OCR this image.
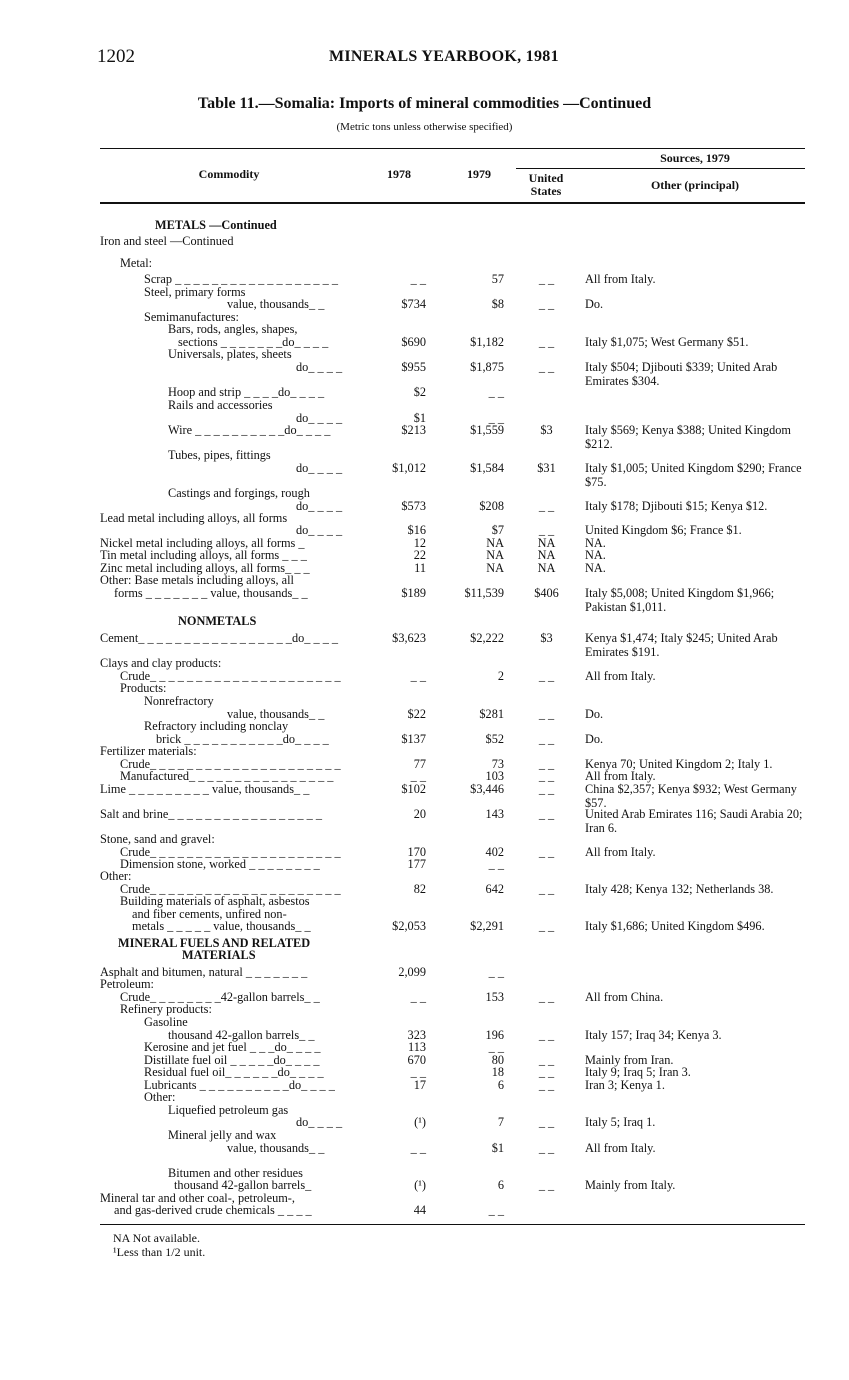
1202	MINERALS YEARBOOK, 1981
Table 11.—Somalia: Imports of mineral commodities —Continued
(Metric tons unless otherwise specified)
Commodity	1978	1979
Sources, 1979
United States	Other (principal)
METALS —Continued
Iron and steel —Continued
Metal:
Scrap _ _ _ _ _ _ _ _ _ _ _ _ _ _ _ _ _ _	_ _	57	_ _	All from Italy.
Steel, primary forms
value, thousands_ _	$734	$8	_ _	Do.
Semimanufactures:
Bars, rods, angles, shapes,
sections _ _ _ _ _ _ _do_ _ _ _	$690	$1,182	_ _	Italy $1,075; West Germany $51.
Universals, plates, sheets
do_ _ _ _	$955	$1,875	_ _	Italy $504; Djibouti $339; United Arab Emirates $304.
Hoop and strip _ _ _ _do_ _ _ _	$2	_ _
Rails and accessories
do_ _ _ _	$1	_ _
Wire _ _ _ _ _ _ _ _ _ _do_ _ _ _	$213	$1,559	$3	Italy $569; Kenya $388; United Kingdom $212.
Tubes, pipes, fittings
do_ _ _ _	$1,012	$1,584	$31	Italy $1,005; United Kingdom $290; France $75.
Castings and forgings, rough
do_ _ _ _	$573	$208	_ _	Italy $178; Djibouti $15; Kenya $12.
Lead metal including alloys, all forms
do_ _ _ _	$16	$7	_ _	United Kingdom $6; France $1.
Nickel metal including alloys, all forms _	12	NA	NA	NA.
Tin metal including alloys, all forms _ _ _	22	NA	NA	NA.
Zinc metal including alloys, all forms_ _ _	11	NA	NA	NA.
Other: Base metals including alloys, all
forms _ _ _ _ _ _ _ value, thousands_ _	$189	$11,539	$406	Italy $5,008; United Kingdom $1,966; Pakistan $1,011.
NONMETALS
Cement_ _ _ _ _ _ _ _ _ _ _ _ _ _ _ _ _do_ _ _ _	$3,623	$2,222	$3	Kenya $1,474; Italy $245; United Arab Emirates $191.
Clays and clay products:
Crude_ _ _ _ _ _ _ _ _ _ _ _ _ _ _ _ _ _ _ _ _	_ _	2	_ _	All from Italy.
Products:
Nonrefractory
value, thousands_ _	$22	$281	_ _	Do.
Refractory including nonclay
brick _ _ _ _ _ _ _ _ _ _ _do_ _ _ _	$137	$52	_ _	Do.
Fertilizer materials:
Crude_ _ _ _ _ _ _ _ _ _ _ _ _ _ _ _ _ _ _ _ _	77	73	_ _	Kenya 70; United Kingdom 2; Italy 1.
Manufactured_ _ _ _ _ _ _ _ _ _ _ _ _ _ _ _	_ _	103	_ _	All from Italy.
Lime _ _ _ _ _ _ _ _ _ value, thousands_ _	$102	$3,446	_ _	China $2,357; Kenya $932; West Germany $57.
Salt and brine_ _ _ _ _ _ _ _ _ _ _ _ _ _ _ _ _	20	143	_ _	United Arab Emirates 116; Saudi Arabia 20; Iran 6.
Stone, sand and gravel:
Crude_ _ _ _ _ _ _ _ _ _ _ _ _ _ _ _ _ _ _ _ _	170	402	_ _	All from Italy.
Dimension stone, worked _ _ _ _ _ _ _ _	177	_ _
Other:
Crude_ _ _ _ _ _ _ _ _ _ _ _ _ _ _ _ _ _ _ _ _	82	642	_ _	Italy 428; Kenya 132; Netherlands 38.
Building materials of asphalt, asbestos
and fiber cements, unfired non-
metals _ _ _ _ _ value, thousands_ _	$2,053	$2,291	_ _	Italy $1,686; United Kingdom $496.
MINERAL FUELS AND RELATED
MATERIALS
Asphalt and bitumen, natural _ _ _ _ _ _ _	2,099	_ _
Petroleum:
Crude_ _ _ _ _ _ _ _42-gallon barrels_ _	_ _	153	_ _	All from China.
Refinery products:
Gasoline
thousand 42-gallon barrels_ _	323	196	_ _	Italy 157; Iraq 34; Kenya 3.
Kerosine and jet fuel _ _ _do_ _ _ _	113	_ _
Distillate fuel oil _ _ _ _ _do_ _ _ _	670	80	_ _	Mainly from Iran.
Residual fuel oil_ _ _ _ _ _do_ _ _ _	_ _	18	_ _	Italy 9; Iraq 5; Iran 3.
Lubricants _ _ _ _ _ _ _ _ _ _do_ _ _ _	17	6	_ _	Iran 3; Kenya 1.
Other:
Liquefied petroleum gas
do_ _ _ _	(¹)	7	_ _	Italy 5; Iraq 1.
Mineral jelly and wax
value, thousands_ _	_ _	$1	_ _	All from Italy.
Bitumen and other residues
thousand 42-gallon barrels_	(¹)	6	_ _	Mainly from Italy.
Mineral tar and other coal-, petroleum-,
and gas-derived crude chemicals _ _ _ _	44	_ _
NA Not available.
¹Less than 1/2 unit.
